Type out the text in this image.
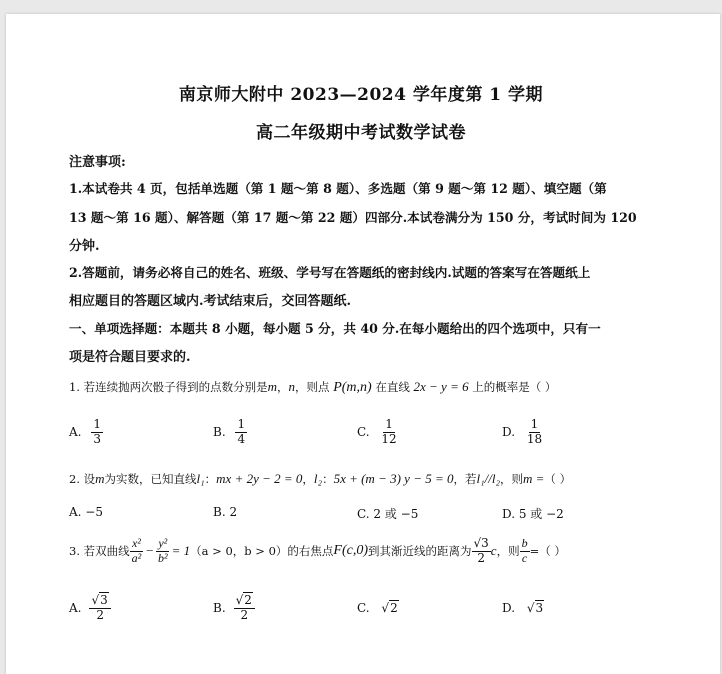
南京师大附中 2023—2024 学年度第 1 学期
高二年级期中考试数学试卷
注意事项:
1.本试卷共 4 页，包括单选题（第 1 题～第 8 题）、多选题（第 9 题～第 12 题）、填空题（第
13 题～第 16 题）、解答题（第 17 题～第 22 题）四部分.本试卷满分为 150 分，考试时间为 120
分钟.
2.答题前，请务必将自己的姓名、班级、学号写在答题纸的密封线内.试题的答案写在答题纸上
相应题目的答题区域内.考试结束后，交回答题纸.
一、单项选择题：本题共 8 小题，每小题 5 分，共 40 分.在每小题给出的四个选项中，只有一
项是符合题目要求的.
1. 若连续抛两次骰子得到的点数分别是m，n，则点 P(m,n) 在直线 2x − y = 6 上的概率是（ ）
A. $\frac{1}{3}$	B. $\frac{1}{4}$	C. $\frac{1}{12}$	D. $\frac{1}{18}$
2. 设m为实数，已知直线l₁：mx + 2y − 2 = 0，l₂：5x + (m − 3) y − 5 = 0，若l₁//l₂，则m =（ ）
A. −5	B. 2	C. 2 或 −5	D. 5 或 −2
3. 若双曲线 $\frac{\text{x²}}{\text{a²}} - \frac{\text{y²}}{\text{b²}} = 1$ （a > 0，b > 0）的右焦点 F(c,0) 到其渐近线的距离为 $\frac{√3}{2}$ c ，则 $\frac{b}{c}$ =（ ）
A. $\frac{√3}{2}$	B. $\frac{√2}{2}$	C. √2	D. √3
